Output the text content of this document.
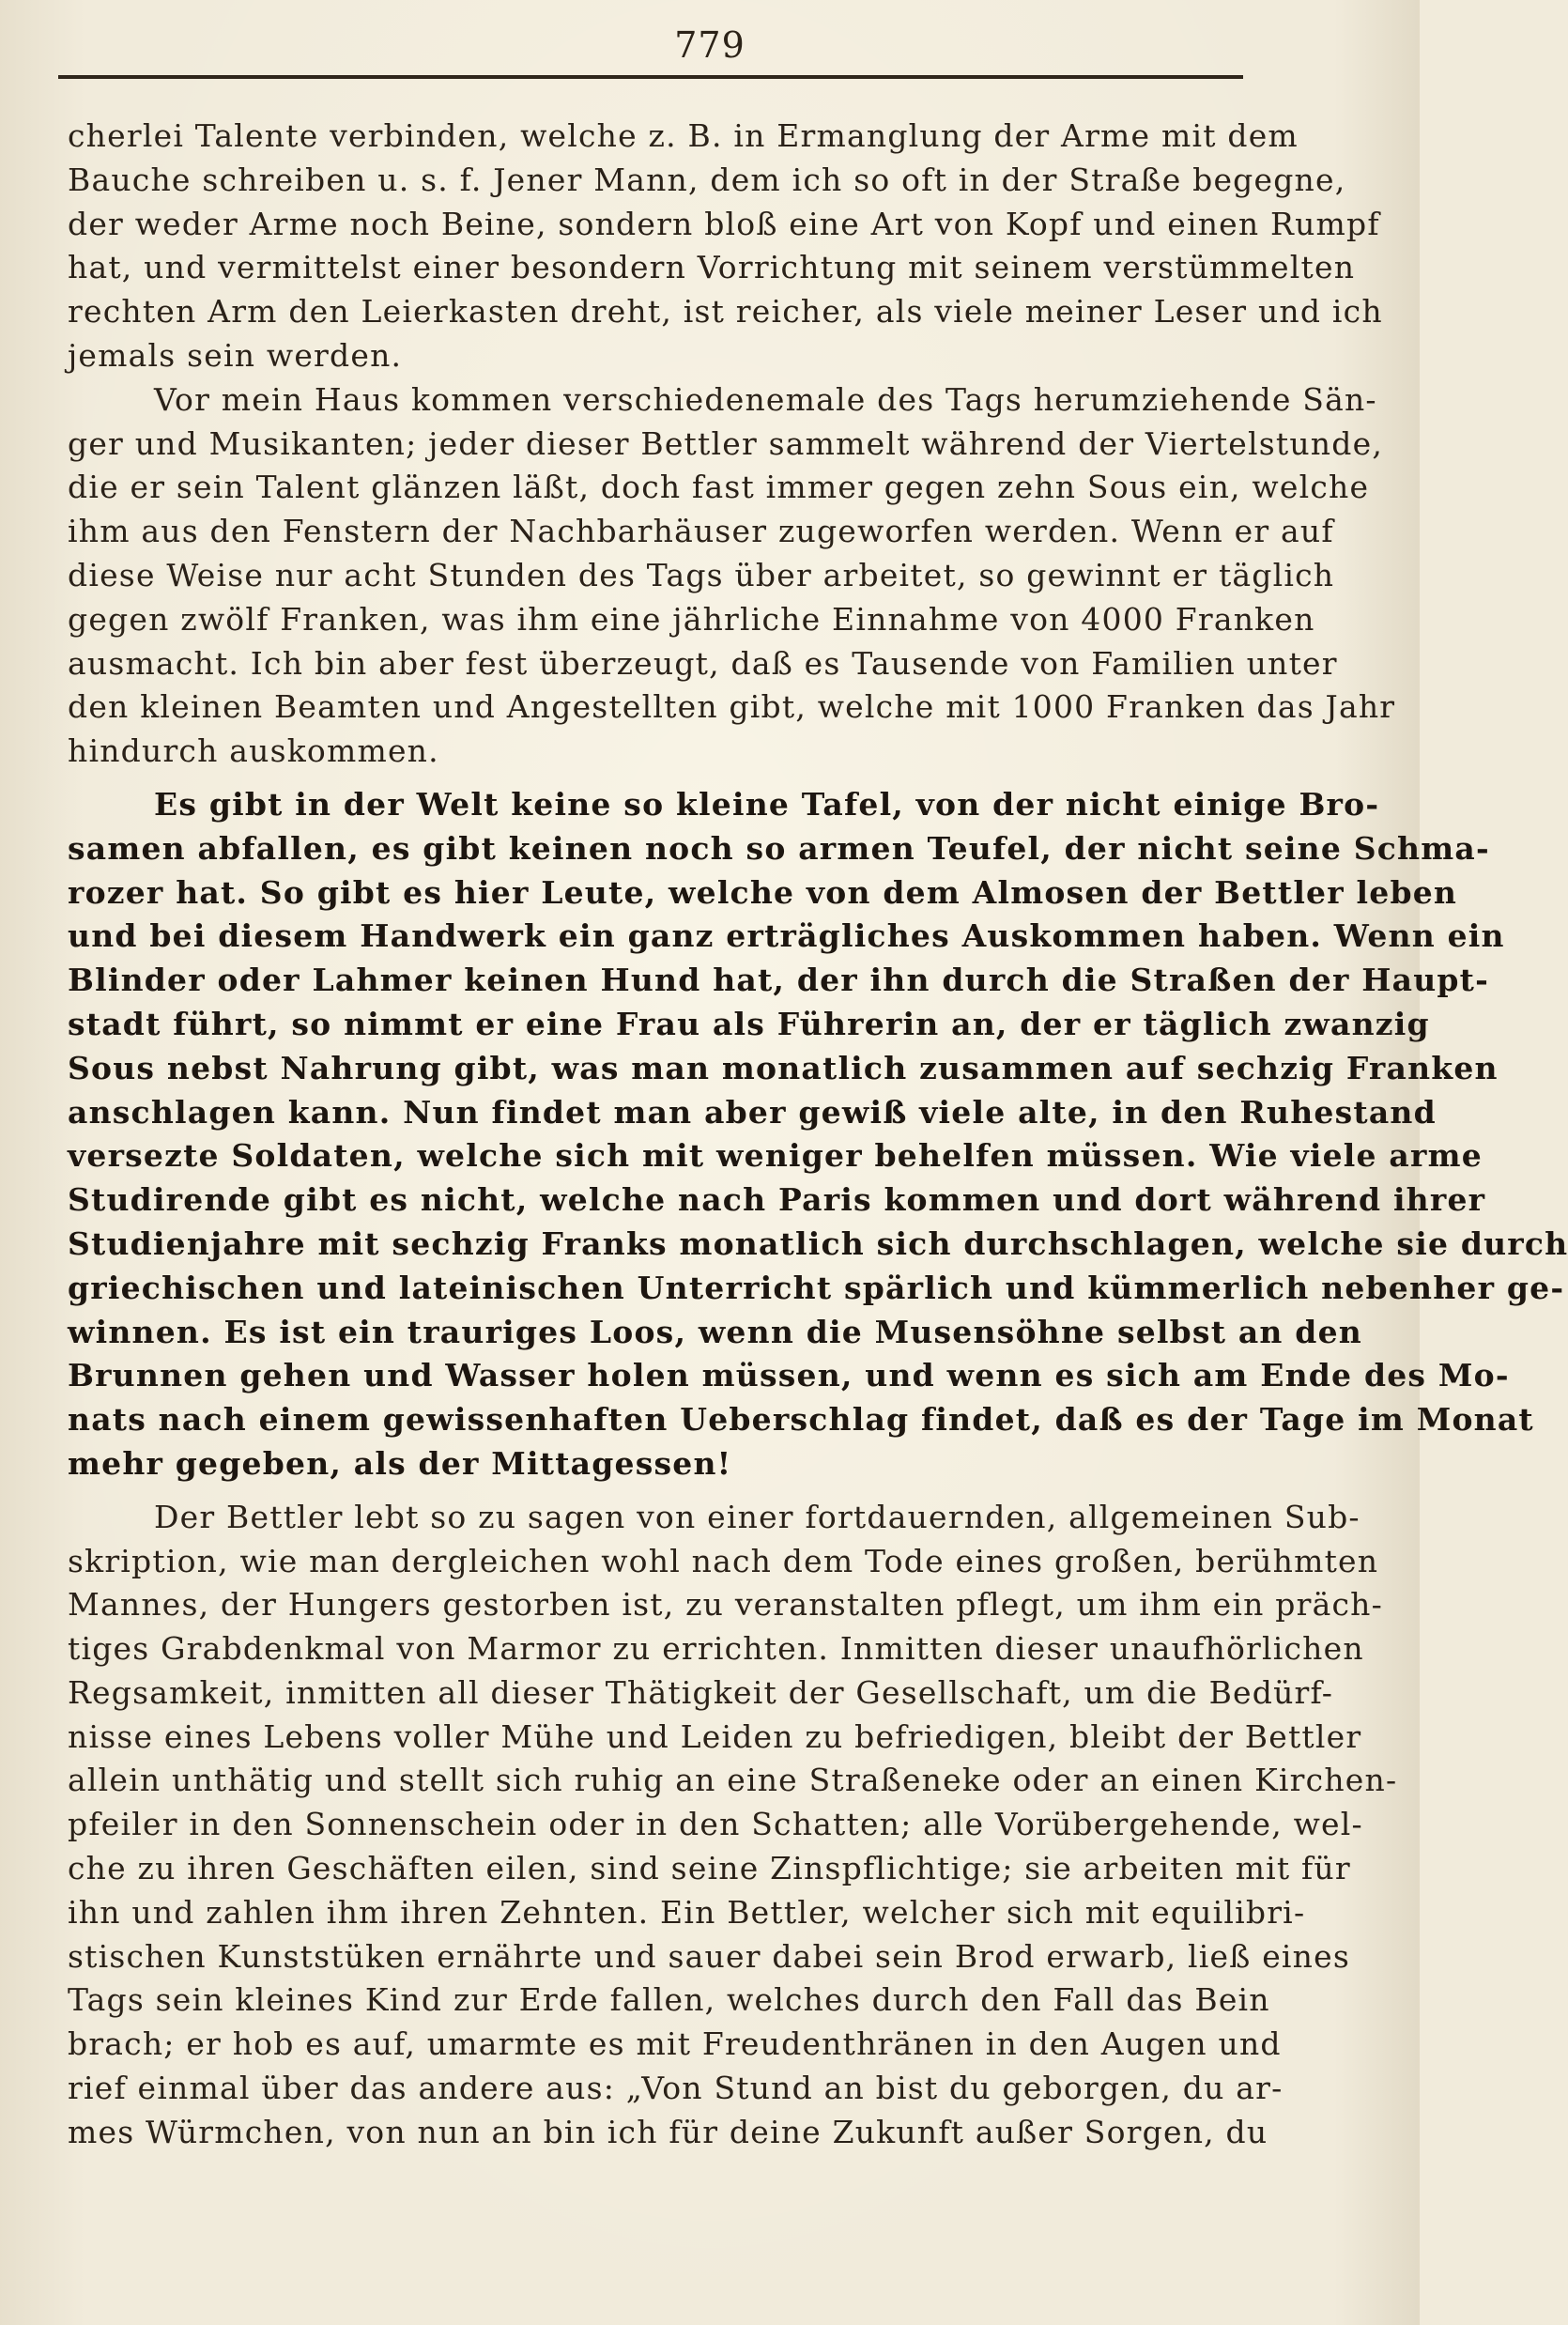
779
cherlei Talente verbinden, welche z. B. in Ermanglung der Arme mit dem
Bauche schreiben u. s. f. Jener Mann, dem ich so oft in der Straße begegne,
der weder Arme noch Beine, sondern bloß eine Art von Kopf und einen Rumpf
hat, und vermittelst einer besondern Vorrichtung mit seinem verstümmelten
rechten Arm den Leierkasten dreht, ist reicher, als viele meiner Leser und ich
jemals sein werden.
Vor mein Haus kommen verschiedenemale des Tags herumziehende Sän-
ger und Musikanten; jeder dieser Bettler sammelt während der Viertelstunde,
die er sein Talent glänzen läßt, doch fast immer gegen zehn Sous ein, welche
ihm aus den Fenstern der Nachbarhäuser zugeworfen werden. Wenn er auf
diese Weise nur acht Stunden des Tags über arbeitet, so gewinnt er täglich
gegen zwölf Franken, was ihm eine jährliche Einnahme von 4000 Franken
ausmacht. Ich bin aber fest überzeugt, daß es Tausende von Familien unter
den kleinen Beamten und Angestellten gibt, welche mit 1000 Franken das Jahr
hindurch auskommen.
Es gibt in der Welt keine so kleine Tafel, von der nicht einige Bro-
samen abfallen, es gibt keinen noch so armen Teufel, der nicht seine Schma-
rozer hat. So gibt es hier Leute, welche von dem Almosen der Bettler leben
und bei diesem Handwerk ein ganz erträgliches Auskommen haben. Wenn ein
Blinder oder Lahmer keinen Hund hat, der ihn durch die Straßen der Haupt-
stadt führt, so nimmt er eine Frau als Führerin an, der er täglich zwanzig
Sous nebst Nahrung gibt, was man monatlich zusammen auf sechzig Franken
anschlagen kann. Nun findet man aber gewiß viele alte, in den Ruhestand
versezte Soldaten, welche sich mit weniger behelfen müssen. Wie viele arme
Studirende gibt es nicht, welche nach Paris kommen und dort während ihrer
Studienjahre mit sechzig Franks monatlich sich durchschlagen, welche sie durch
griechischen und lateinischen Unterricht spärlich und kümmerlich nebenher ge-
winnen. Es ist ein trauriges Loos, wenn die Musensöhne selbst an den
Brunnen gehen und Wasser holen müssen, und wenn es sich am Ende des Mo-
nats nach einem gewissenhaften Ueberschlag findet, daß es der Tage im Monat
mehr gegeben, als der Mittagessen!
Der Bettler lebt so zu sagen von einer fortdauernden, allgemeinen Sub-
skription, wie man dergleichen wohl nach dem Tode eines großen, berühmten
Mannes, der Hungers gestorben ist, zu veranstalten pflegt, um ihm ein präch-
tiges Grabdenkmal von Marmor zu errichten. Inmitten dieser unaufhörlichen
Regsamkeit, inmitten all dieser Thätigkeit der Gesellschaft, um die Bedürf-
nisse eines Lebens voller Mühe und Leiden zu befriedigen, bleibt der Bettler
allein unthätig und stellt sich ruhig an eine Straßeneke oder an einen Kirchen-
pfeiler in den Sonnenschein oder in den Schatten; alle Vorübergehende, wel-
che zu ihren Geschäften eilen, sind seine Zinspflichtige; sie arbeiten mit für
ihn und zahlen ihm ihren Zehnten. Ein Bettler, welcher sich mit equilibri-
stischen Kunststüken ernährte und sauer dabei sein Brod erwarb, ließ eines
Tags sein kleines Kind zur Erde fallen, welches durch den Fall das Bein
brach; er hob es auf, umarmte es mit Freudenthränen in den Augen und
rief einmal über das andere aus: „Von Stund an bist du geborgen, du ar-
mes Würmchen, von nun an bin ich für deine Zukunft außer Sorgen, du
